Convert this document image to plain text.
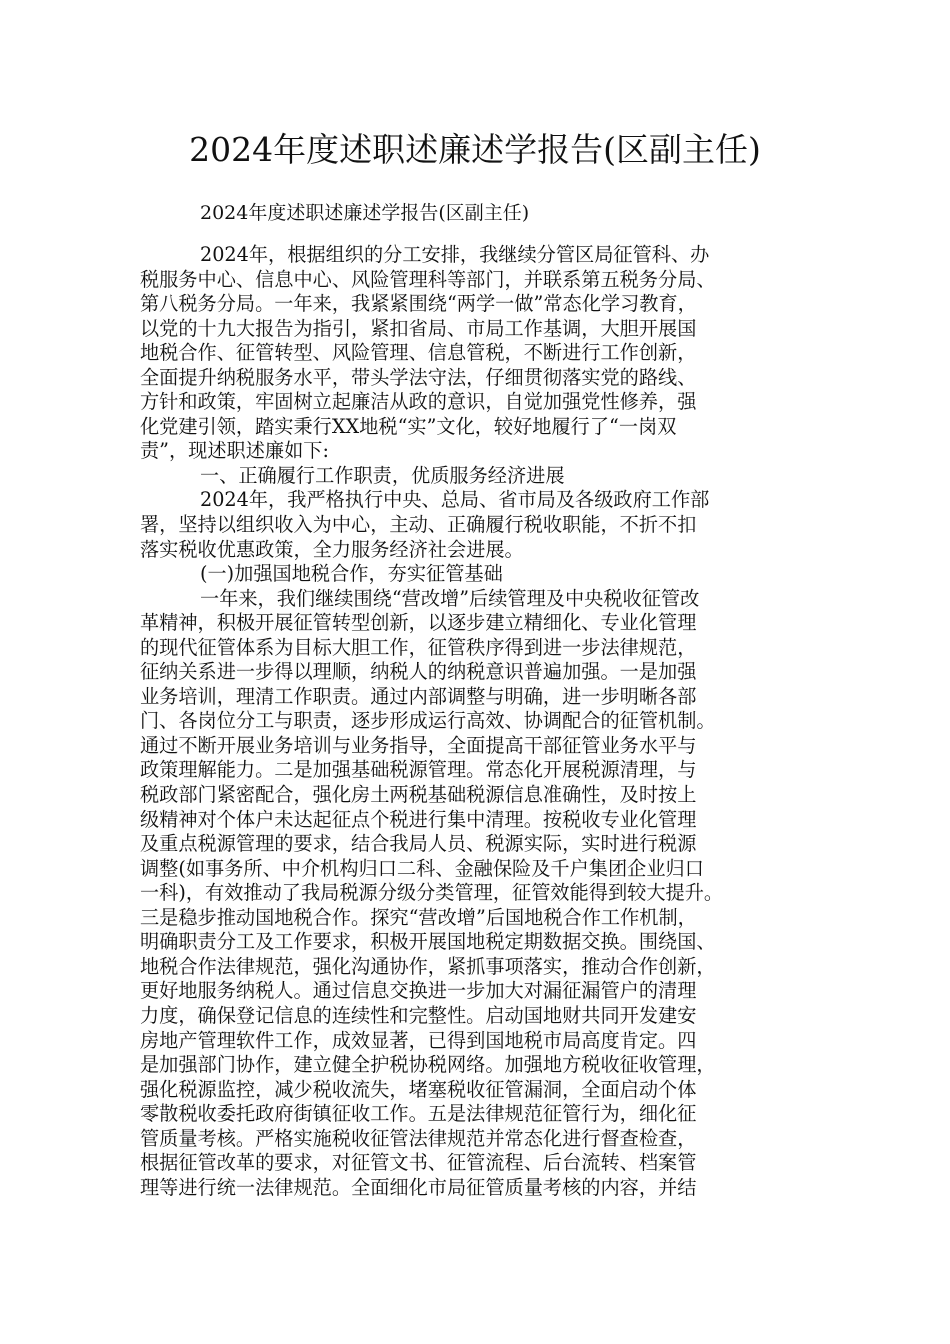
2024年度述职述廉述学报告(区副主任)

2024年度述职述廉述学报告(区副主任)

2024年，根据组织的分工安排，我继续分管区局征管科、办
税服务中心、信息中心、风险管理科等部门，并联系第五税务分局、
第八税务分局。一年来，我紧紧围绕“两学一做”常态化学习教育，
以党的十九大报告为指引，紧扣省局、市局工作基调，大胆开展国
地税合作、征管转型、风险管理、信息管税，不断进行工作创新，
全面提升纳税服务水平，带头学法守法，仔细贯彻落实党的路线、
方针和政策，牢固树立起廉洁从政的意识，自觉加强党性修养，强
化党建引领，踏实秉行XX地税“实”文化，较好地履行了“一岗双
责”，现述职述廉如下:
一、正确履行工作职责，优质服务经济进展
2024年，我严格执行中央、总局、省市局及各级政府工作部
署，坚持以组织收入为中心，主动、正确履行税收职能，不折不扣
落实税收优惠政策，全力服务经济社会进展。
(一)加强国地税合作，夯实征管基础
一年来，我们继续围绕“营改增”后续管理及中央税收征管改
革精神，积极开展征管转型创新，以逐步建立精细化、专业化管理
的现代征管体系为目标大胆工作，征管秩序得到进一步法律规范，
征纳关系进一步得以理顺，纳税人的纳税意识普遍加强。一是加强
业务培训，理清工作职责。通过内部调整与明确，进一步明晰各部
门、各岗位分工与职责，逐步形成运行高效、协调配合的征管机制。
通过不断开展业务培训与业务指导，全面提高干部征管业务水平与
政策理解能力。二是加强基础税源管理。常态化开展税源清理，与
税政部门紧密配合，强化房土两税基础税源信息准确性，及时按上
级精神对个体户未达起征点个税进行集中清理。按税收专业化管理
及重点税源管理的要求，结合我局人员、税源实际，实时进行税源
调整(如事务所、中介机构归口二科、金融保险及千户集团企业归口
一科)，有效推动了我局税源分级分类管理，征管效能得到较大提升。
三是稳步推动国地税合作。探究“营改增”后国地税合作工作机制，
明确职责分工及工作要求，积极开展国地税定期数据交换。围绕国、
地税合作法律规范，强化沟通协作，紧抓事项落实，推动合作创新，
更好地服务纳税人。通过信息交换进一步加大对漏征漏管户的清理
力度，确保登记信息的连续性和完整性。启动国地财共同开发建安
房地产管理软件工作，成效显著，已得到国地税市局高度肯定。四
是加强部门协作，建立健全护税协税网络。加强地方税收征收管理，
强化税源监控，减少税收流失，堵塞税收征管漏洞，全面启动个体
零散税收委托政府街镇征收工作。五是法律规范征管行为，细化征
管质量考核。严格实施税收征管法律规范并常态化进行督查检查，
根据征管改革的要求，对征管文书、征管流程、后台流转、档案管
理等进行统一法律规范。全面细化市局征管质量考核的内容，并结
